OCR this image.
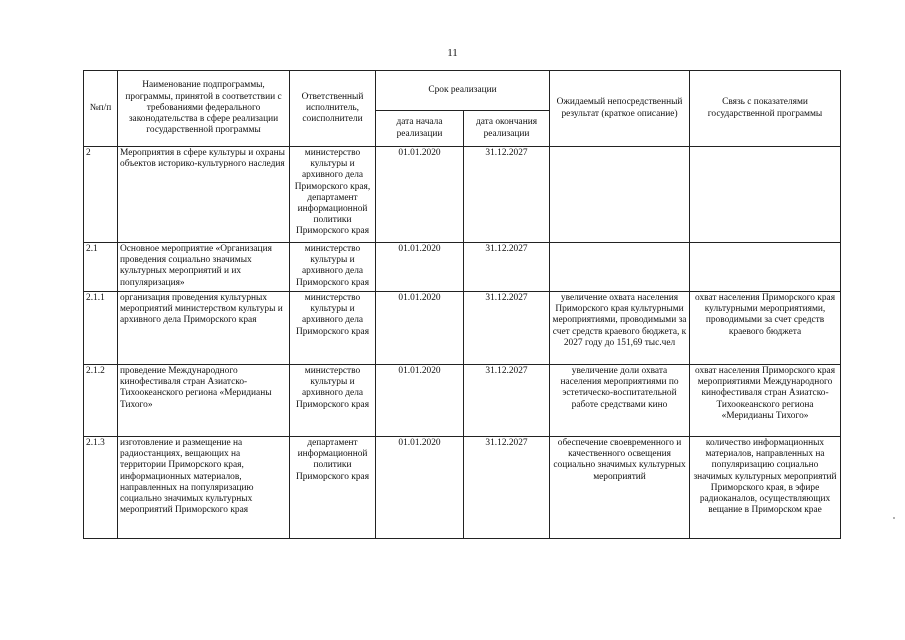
11
№п/п	Наименование подпрограммы, программы, принятой в соответствии с требованиями федерального законодательства в сфере реализации государственной программы	Ответственный исполнитель, соисполнители	Срок реализации		Ожидаемый непосредственный результат (краткое описание)	Связь с показателями государственной программы
			дата начала реализации	дата окончания реализации		
2	Мероприятия в сфере культуры и охраны объектов историко-культурного наследия	министерство культуры и архивного дела Приморского края, департамент информационной политики Приморского края	01.01.2020	31.12.2027		
2.1	Основное мероприятие «Организация проведения социально значимых культурных мероприятий и их популяризация»	министерство культуры и архивного дела Приморского края	01.01.2020	31.12.2027		
2.1.1	организация проведения культурных мероприятий министерством культуры и архивного дела Приморского края	министерство культуры и архивного дела Приморского края	01.01.2020	31.12.2027	увеличение охвата населения Приморского края культурными мероприятиями, проводимыми за счет средств краевого бюджета, к 2027 году до 151,69 тыс.чел	охват населения Приморского края культурными мероприятиями, проводимыми за счет средств краевого бюджета
2.1.2	проведение Международного кинофестиваля стран Азиатско-Тихоокеанского региона «Меридианы Тихого»	министерство культуры и архивного дела Приморского края	01.01.2020	31.12.2027	увеличение доли охвата населения мероприятиями по эстетическо-воспитательной работе средствами кино	охват населения Приморского края мероприятиями Международного кинофестиваля стран Азиатско-Тихоокеанского региона «Меридианы Тихого»
2.1.3	изготовление и размещение на радиостанциях, вещающих на территории Приморского края, информационных материалов, направленных на популяризацию социально значимых культурных мероприятий Приморского края	департамент информационной политики Приморского края	01.01.2020	31.12.2027	обеспечение своевременного и качественного освещения социально значимых культурных мероприятий	количество информационных материалов, направленных на популяризацию социально значимых культурных мероприятий Приморского края, в эфире радиоканалов, осуществляющих вещание в Приморском крае
